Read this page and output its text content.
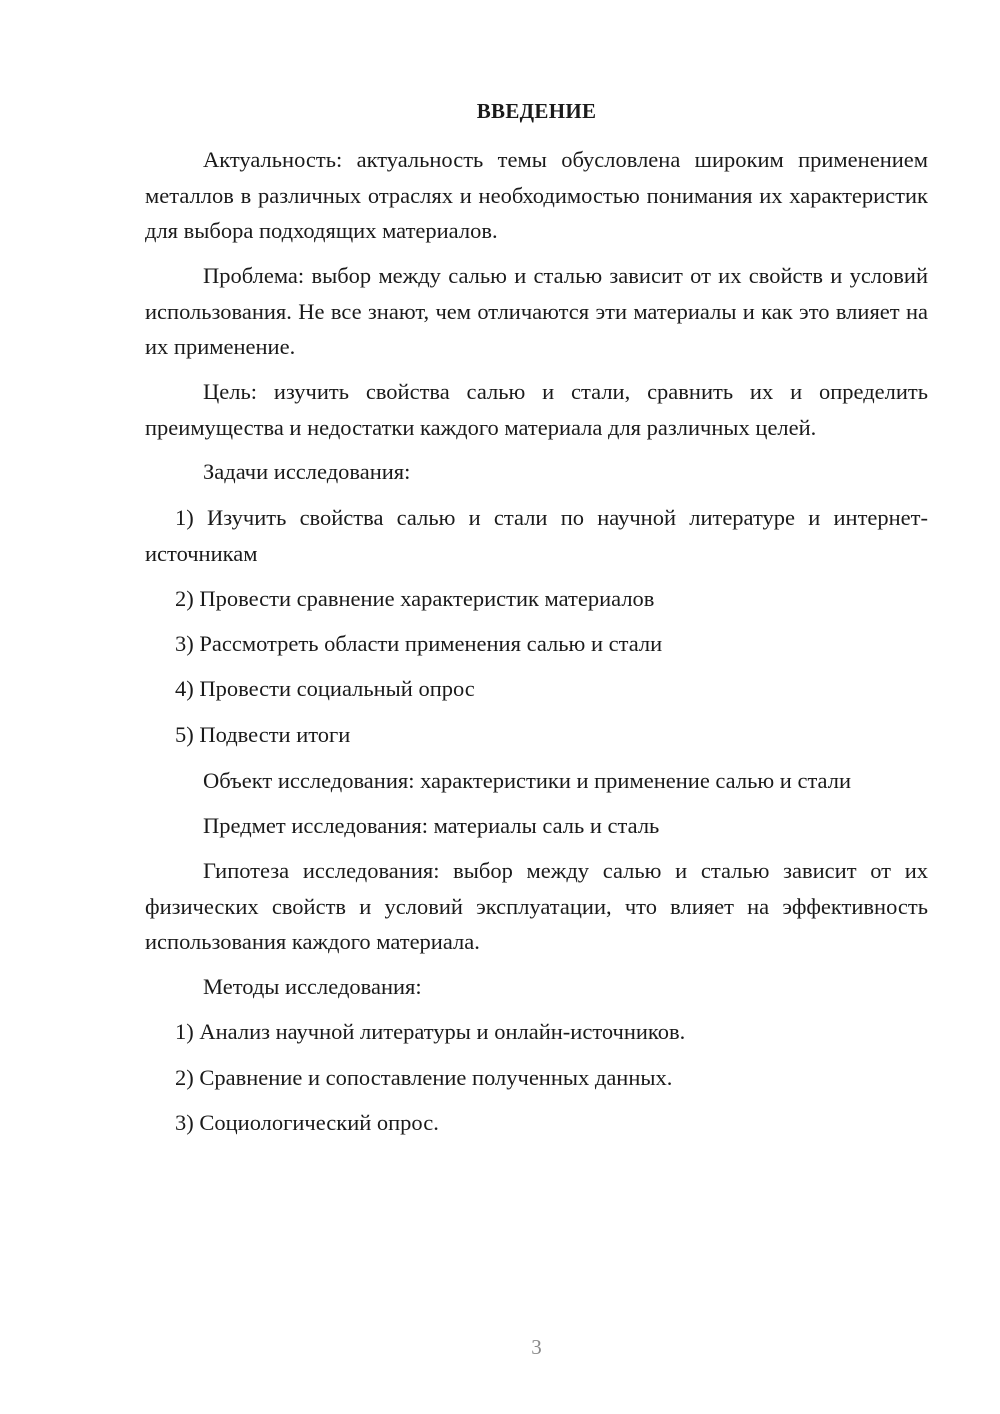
ВВЕДЕНИЕ

Актуальность: актуальность темы обусловлена широким применением металлов в различных отраслях и необходимостью понимания их характеристик для выбора подходящих материалов.

Проблема: выбор между салью и сталью зависит от их свойств и условий использования. Не все знают, чем отличаются эти материалы и как это влияет на их применение.

Цель: изучить свойства салью и стали, сравнить их и определить преимущества и недостатки каждого материала для различных целей.

Задачи исследования:

1) Изучить свойства салью и стали по научной литературе и интернет-источникам

2) Провести сравнение характеристик материалов

3) Рассмотреть области применения салью и стали

4) Провести социальный опрос

5) Подвести итоги

Объект исследования: характеристики и применение салью и стали

Предмет исследования: материалы саль и сталь

Гипотеза исследования: выбор между салью и сталью зависит от их физических свойств и условий эксплуатации, что влияет на эффективность использования каждого материала.

Методы исследования:

1) Анализ научной литературы и онлайн-источников.

2) Сравнение и сопоставление полученных данных.

3) Социологический опрос.

3
